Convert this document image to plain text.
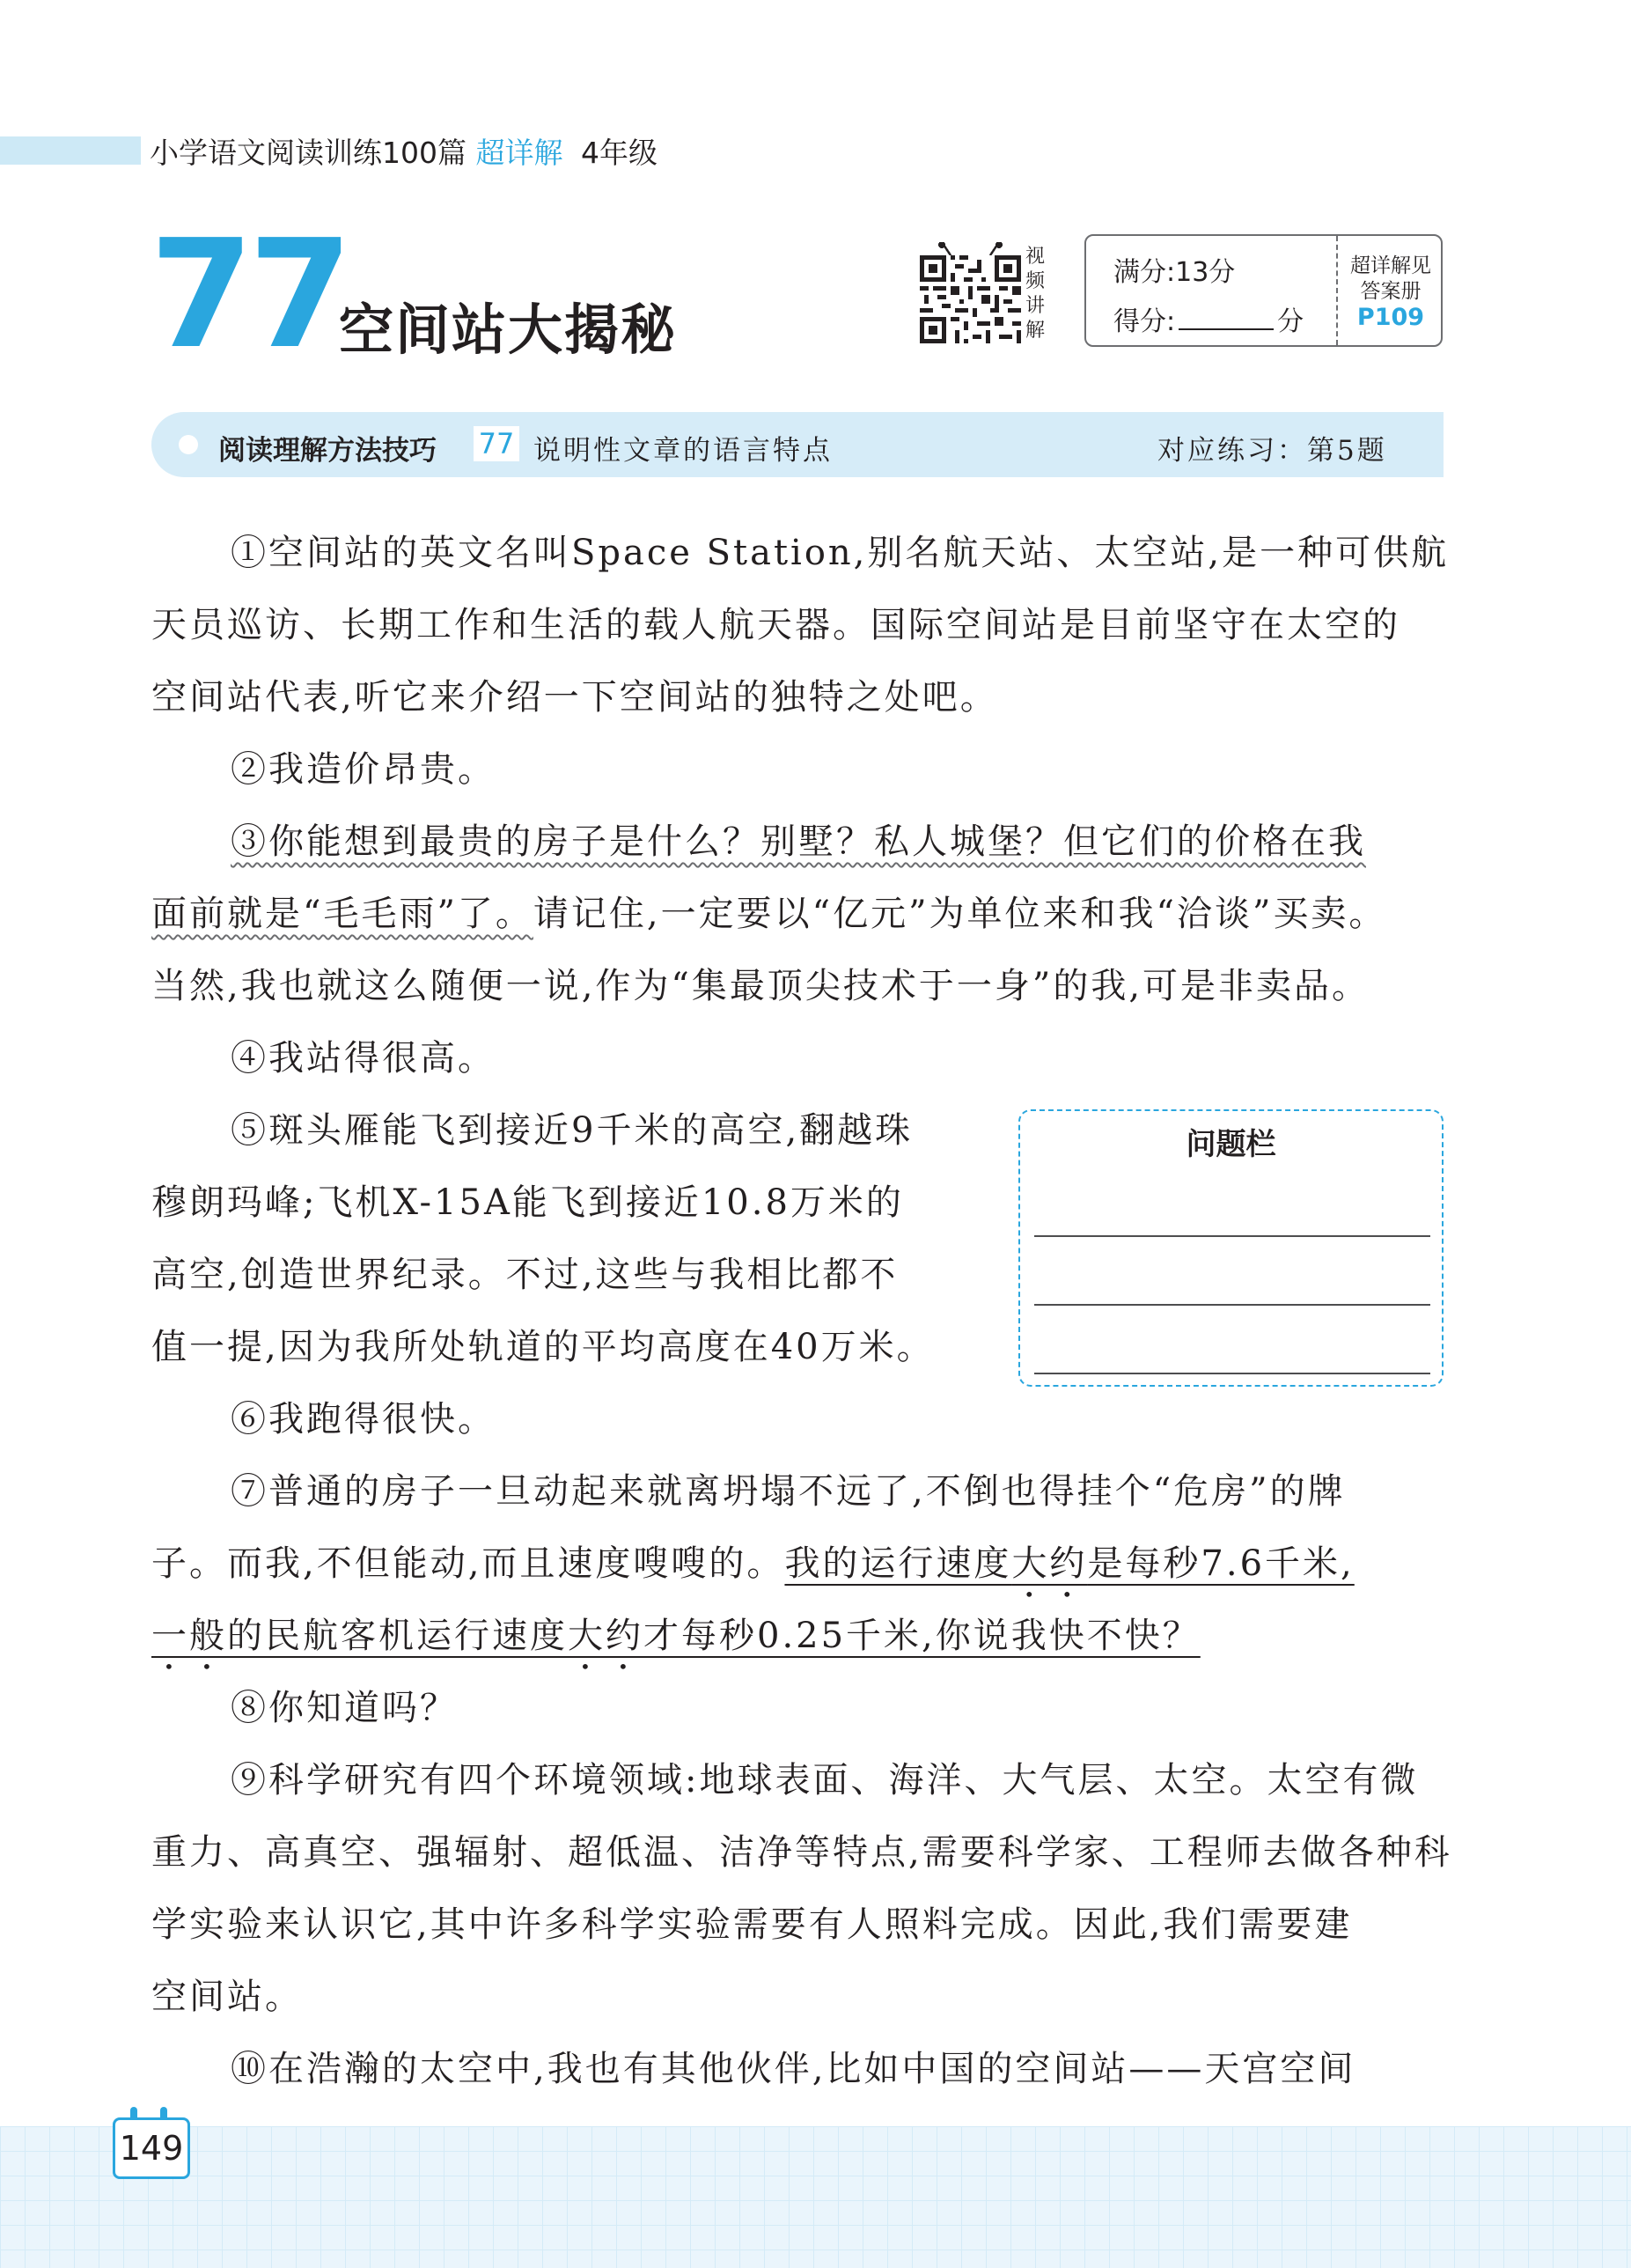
小学语文阅读训练100篇 超详解 4年级
77
空间站大揭秘
视
频
讲
解
满分:13分
得分:	分
超详解见
答案册
P109
阅读理解方法技巧 77 说明性文章的语言特点	对应练习：第5题
①空间站的英文名叫Space Station,别名航天站、太空站,是一种可供航
天员巡访、长期工作和生活的载人航天器。国际空间站是目前坚守在太空的
空间站代表,听它来介绍一下空间站的独特之处吧。
②我造价昂贵。
③你能想到最贵的房子是什么？别墅？私人城堡？但它们的价格在我
面前就是“毛毛雨”了。请记住,一定要以“亿元”为单位来和我“洽谈”买卖。
当然,我也就这么随便一说,作为“集最顶尖技术于一身”的我,可是非卖品。
④我站得很高。
⑤斑头雁能飞到接近9千米的高空,翻越珠
穆朗玛峰;飞机X-15A能飞到接近10.8万米的
高空,创造世界纪录。不过,这些与我相比都不
值一提,因为我所处轨道的平均高度在40万米。
⑥我跑得很快。
⑦普通的房子一旦动起来就离坍塌不远了,不倒也得挂个“危房”的牌
子。而我,不但能动,而且速度嗖嗖的。我的运行速度大约是每秒7.6千米,
一般的民航客机运行速度大约才每秒0.25千米,你说我快不快？
⑧你知道吗？
⑨科学研究有四个环境领域:地球表面、海洋、大气层、太空。太空有微
重力、高真空、强辐射、超低温、洁净等特点,需要科学家、工程师去做各种科
学实验来认识它,其中许多科学实验需要有人照料完成。因此,我们需要建
空间站。
⑩在浩瀚的太空中,我也有其他伙伴,比如中国的空间站——天宫空间
问题栏
149
